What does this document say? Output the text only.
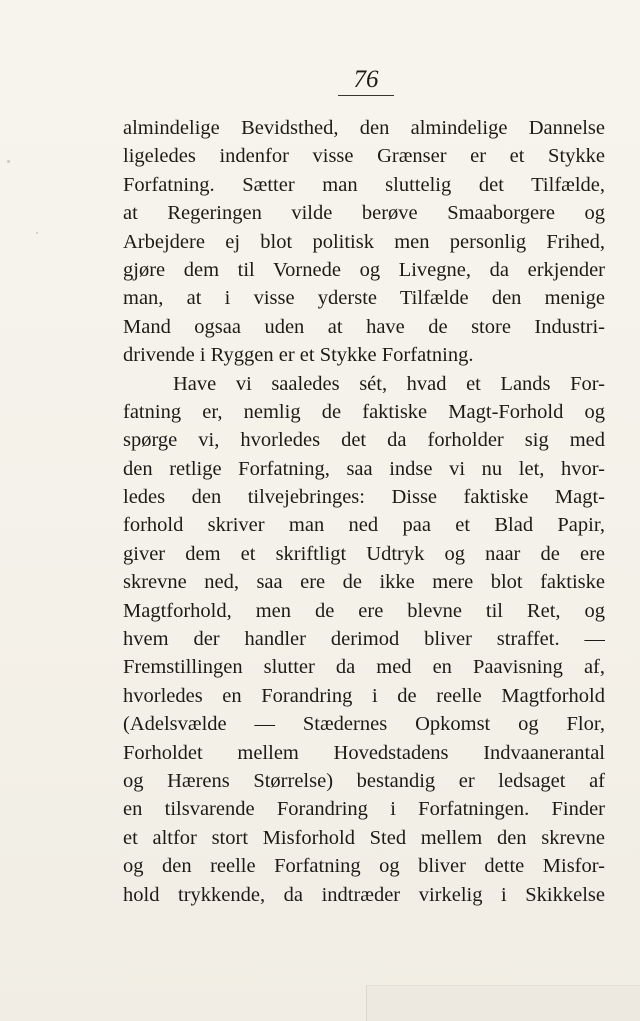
76
almindelige Bevidsthed, den almindelige Dannelse
ligeledes indenfor visse Grænser er et Stykke
Forfatning. Sætter man sluttelig det Tilfælde,
at Regeringen vilde berøve Smaaborgere og
Arbejdere ej blot politisk men personlig Frihed,
gjøre dem til Vornede og Livegne, da erkjender
man, at i visse yderste Tilfælde den menige
Mand ogsaa uden at have de store Industri-
drivende i Ryggen er et Stykke Forfatning.
Have vi saaledes sét, hvad et Lands For-
fatning er, nemlig de faktiske Magt-Forhold og
spørge vi, hvorledes det da forholder sig med
den retlige Forfatning, saa indse vi nu let, hvor-
ledes den tilvejebringes: Disse faktiske Magt-
forhold skriver man ned paa et Blad Papir,
giver dem et skriftligt Udtryk og naar de ere
skrevne ned, saa ere de ikke mere blot faktiske
Magtforhold, men de ere blevne til Ret, og
hvem der handler derimod bliver straffet. —
Fremstillingen slutter da med en Paavisning af,
hvorledes en Forandring i de reelle Magtforhold
(Adelsvælde — Stædernes Opkomst og Flor,
Forholdet mellem Hovedstadens Indvaanerantal
og Hærens Størrelse) bestandig er ledsaget af
en tilsvarende Forandring i Forfatningen. Finder
et altfor stort Misforhold Sted mellem den skrevne
og den reelle Forfatning og bliver dette Misfor-
hold trykkende, da indtræder virkelig i Skikkelse
